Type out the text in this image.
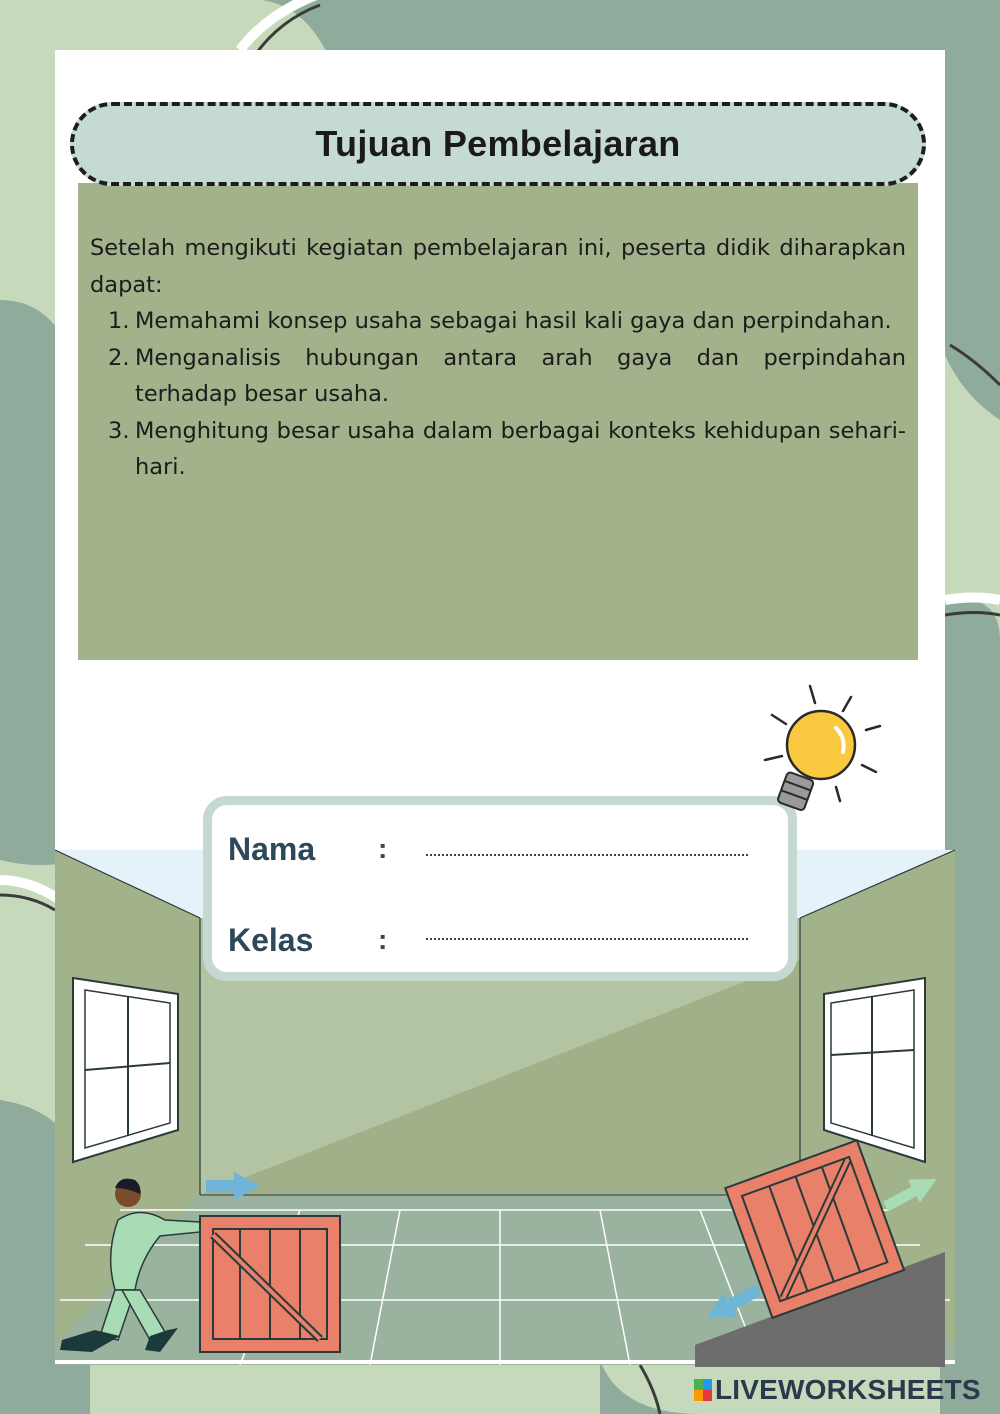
Tujuan Pembelajaran

Setelah mengikuti kegiatan pembelajaran ini, peserta didik diharapkan dapat:

1. Memahami konsep usaha sebagai hasil kali gaya dan perpindahan.
2. Menganalisis hubungan antara arah gaya dan perpindahan terhadap besar usaha.
3. Menghitung besar usaha dalam berbagai konteks kehidupan sehari-hari.
Nama :
Kelas :
LIVEWORKSHEETS
